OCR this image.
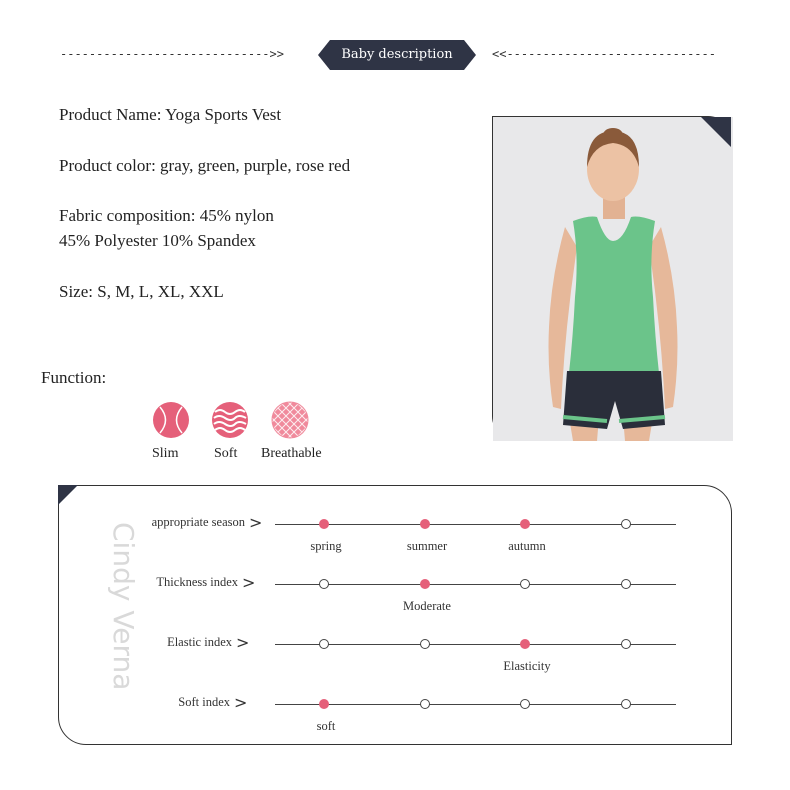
----------------------------->>	Baby description	<<-----------------------------
Product Name: Yoga Sports Vest
Product color: gray, green, purple, rose red
Fabric composition: 45% nylon
45% Polyester 10% Spandex
Size: S, M, L, XL, XXL
Function:
Slim	Soft Breathable
Cindy Verna appropriate season >
spring	summer	autumn
Thickness index >
Moderate
Elastic index >
Elasticity
Soft index >
soft
